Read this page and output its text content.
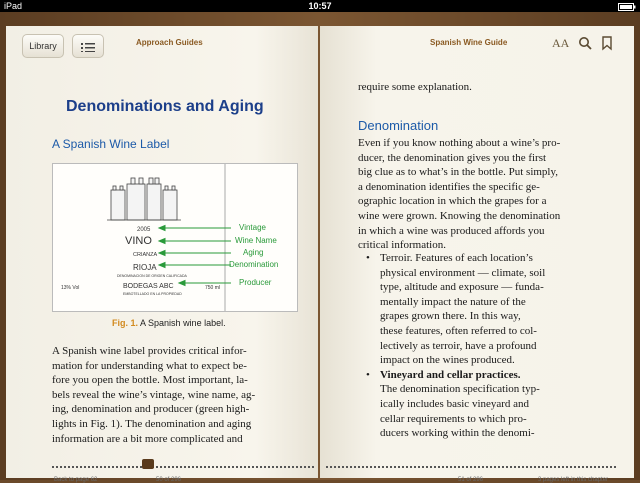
iPad	10:57
Library	Approach Guides
Denominations and Aging
A Spanish Wine Label
2005
VINO
CRIANZA
RIOJA
DENOMINACION DE ORIGEN CALIFICADA
13% Vol	750 ml
BODEGAS ABC
EMBOTELLADO EN LA PROPIEDAD
Vintage
Wine Name
Aging
Denomination
Producer
Fig. 1. A Spanish wine label.
A Spanish wine label provides critical infor-
mation for understanding what to expect be-
fore you open the bottle. Most important, la-
bels reveal the wine’s vintage, wine name, ag-
ing, denomination and producer (green high-
lights in Fig. 1). The denomination and aging
information are a bit more complicated and
Back to page 62	50 of 296
Spanish Wine Guide	AA
require some explanation.
Denomination
Even if you know nothing about a wine’s pro-
ducer, the denomination gives you the first
big clue as to what’s in the bottle. Put simply,
a denomination identifies the specific ge-
ographic location in which the grapes for a
wine were grown. Knowing the denomination
in which a wine was produced affords you
critical information.
• Terroir. Features of each location’s
physical environment — climate, soil
type, altitude and exposure — funda-
mentally impact the nature of the
grapes grown there. In this way,
these features, often referred to col-
lectively as terroir, have a profound
impact on the wines produced.
• Vineyard and cellar practices.
The denomination specification typ-
ically includes basic vineyard and
cellar requirements to which pro-
ducers working within the denomi-
51 of 296	3 pages left in this chapter
